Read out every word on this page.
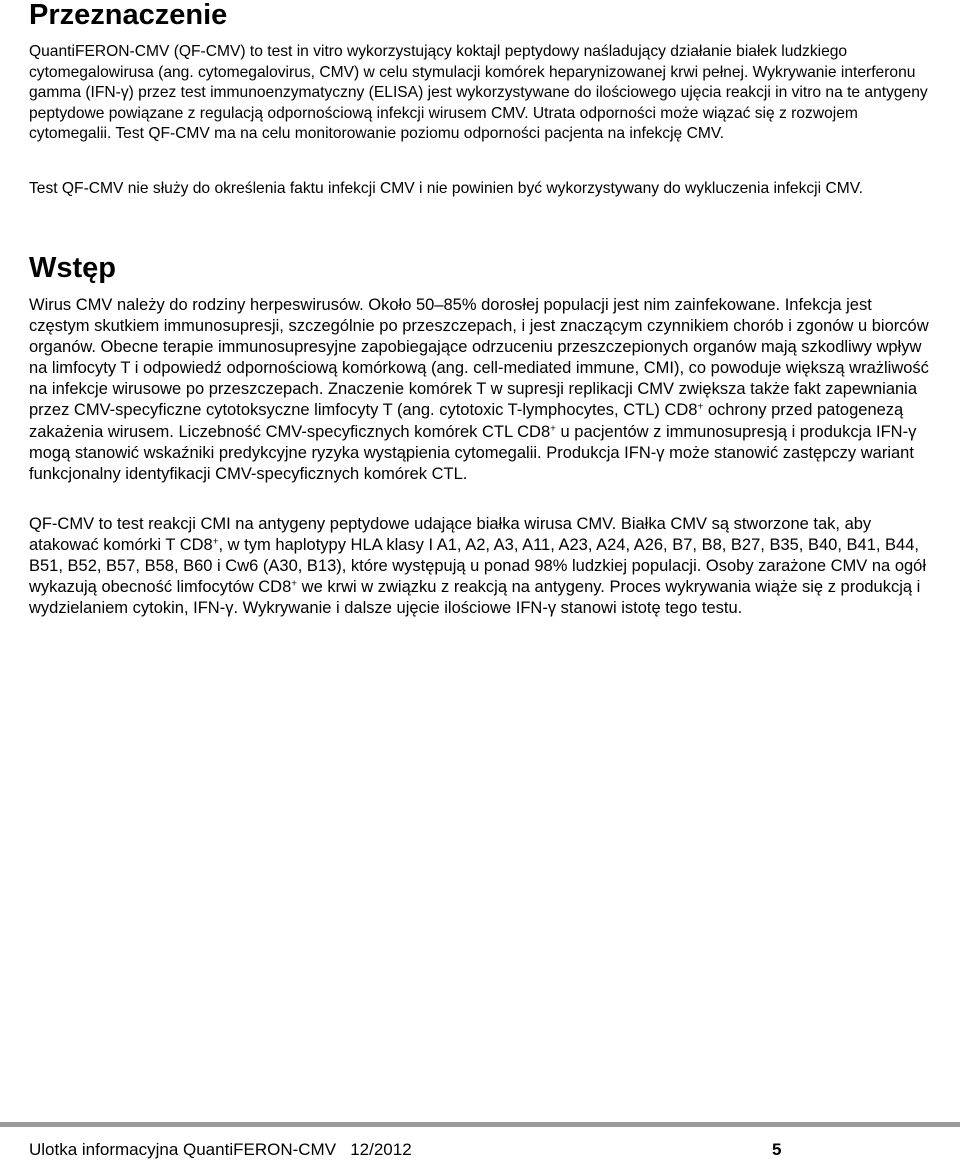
Przeznaczenie

QuantiFERON-CMV (QF-CMV) to test in vitro wykorzystujący koktajl peptydowy naśladujący działanie białek ludzkiego cytomegalowirusa (ang. cytomegalovirus, CMV) w celu stymulacji komórek heparynizowanej krwi pełnej. Wykrywanie interferonu gamma (IFN-γ) przez test immunoenzymatyczny (ELISA) jest wykorzystywane do ilościowego ujęcia reakcji in vitro na te antygeny peptydowe powiązane z regulacją odpornościową infekcji wirusem CMV. Utrata odporności może wiązać się z rozwojem cytomegalii. Test QF-CMV ma na celu monitorowanie poziomu odporności pacjenta na infekcję CMV.

Test QF-CMV nie służy do określenia faktu infekcji CMV i nie powinien być wykorzystywany do wykluczenia infekcji CMV.

Wstęp

Wirus CMV należy do rodziny herpeswirusów. Około 50–85% dorosłej populacji jest nim zainfekowane. Infekcja jest częstym skutkiem immunosupresji, szczególnie po przeszczepach, i jest znaczącym czynnikiem chorób i zgonów u biorców organów. Obecne terapie immunosupresyjne zapobiegające odrzuceniu przeszczepionych organów mają szkodliwy wpływ na limfocyty T i odpowiedź odpornościową komórkową (ang. cell-mediated immune, CMI), co powoduje większą wrażliwość na infekcje wirusowe po przeszczepach. Znaczenie komórek T w supresji replikacji CMV zwiększa także fakt zapewniania przez CMV-specyficzne cytotoksyczne limfocyty T (ang. cytotoxic T-lymphocytes, CTL) CD8+ ochrony przed patogenezą zakażenia wirusem. Liczebność CMV-specyficznych komórek CTL CD8+ u pacjentów z immunosupresją i produkcja IFN-γ mogą stanowić wskaźniki predykcyjne ryzyka wystąpienia cytomegalii. Produkcja IFN-γ może stanowić zastępczy wariant funkcjonalny identyfikacji CMV-specyficznych komórek CTL.

QF-CMV to test reakcji CMI na antygeny peptydowe udające białka wirusa CMV. Białka CMV są stworzone tak, aby atakować komórki T CD8+, w tym haplotypy HLA klasy I A1, A2, A3, A11, A23, A24, A26, B7, B8, B27, B35, B40, B41, B44, B51, B52, B57, B58, B60 i Cw6 (A30, B13), które występują u ponad 98% ludzkiej populacji. Osoby zarażone CMV na ogół wykazują obecność limfocytów CD8+ we krwi w związku z reakcją na antygeny. Proces wykrywania wiąże się z produkcją i wydzielaniem cytokin, IFN-γ. Wykrywanie i dalsze ujęcie ilościowe IFN-γ stanowi istotę tego testu.

Ulotka informacyjna QuantiFERON-CMV   12/2012	5
